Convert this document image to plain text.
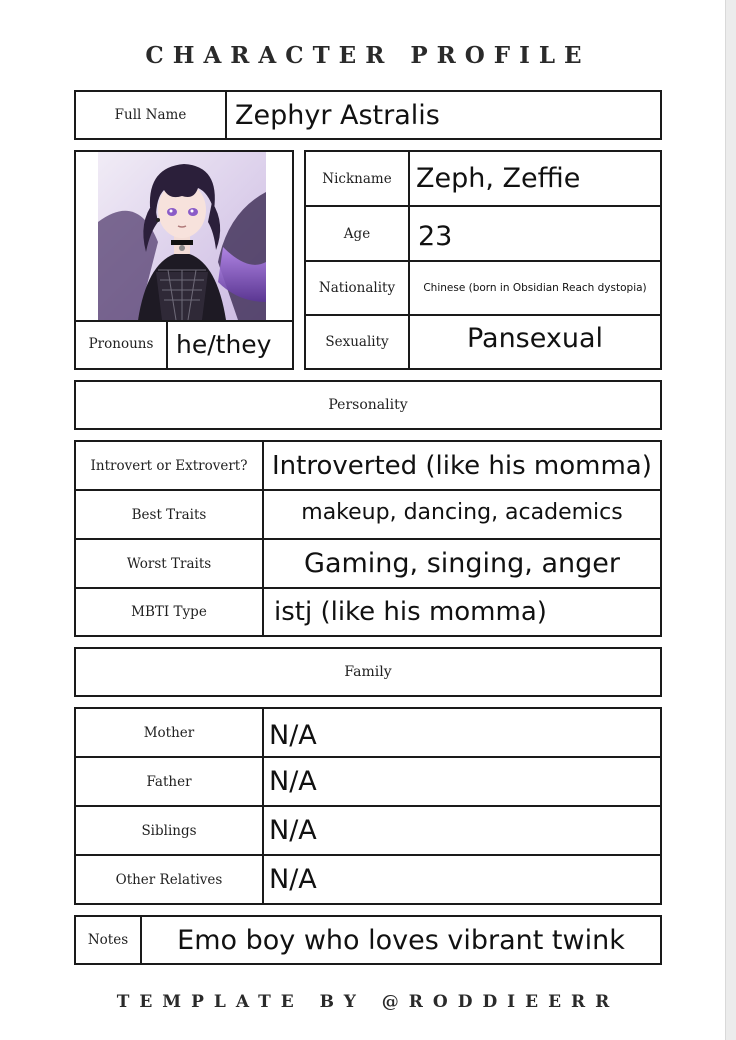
CHARACTER PROFILE
Full Name	Zephyr Astralis
Pronouns he/they
Nickname Zeph, Zeffie
Age	23
Nationality	Chinese (born in Obsidian Reach dystopia)
Sexuality	Pansexual
Personality
Introvert or Extrovert? Introverted (like his momma)
Best Traits	makeup, dancing, academics
Worst Traits	Gaming, singing, anger
MBTI Type	istj (like his momma)
Family
Mother	N/A
Father	N/A
Siblings	N/A
Other Relatives	N/A
Notes	Emo boy who loves vibrant twink
TEMPLATE BY @RODDIEERR
